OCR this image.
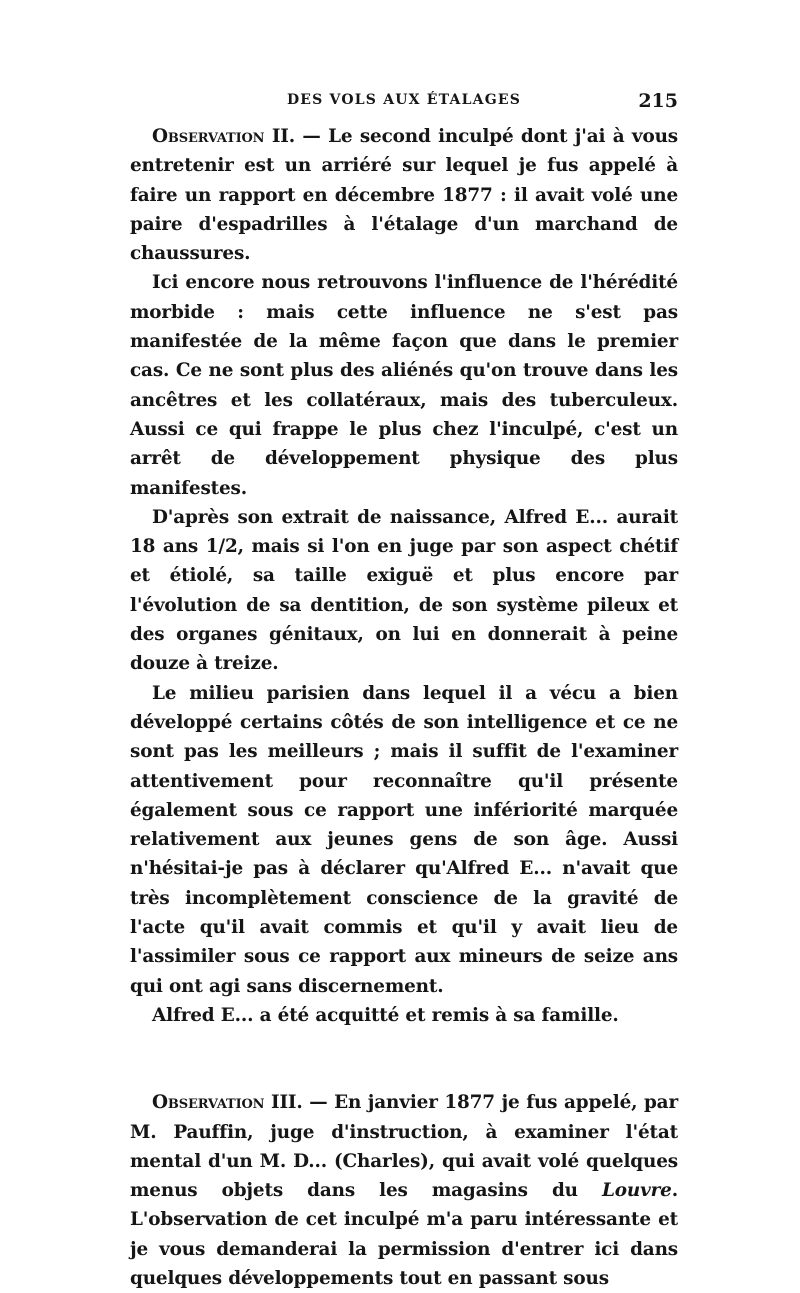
DES VOLS AUX ÉTALAGES	215

Observation II. — Le second inculpé dont j'ai à vous entretenir est un arriéré sur lequel je fus appelé à faire un rapport en décembre 1877 : il avait volé une paire d'espadrilles à l'étalage d'un marchand de chaussures.

Ici encore nous retrouvons l'influence de l'hérédité morbide : mais cette influence ne s'est pas manifestée de la même façon que dans le premier cas. Ce ne sont plus des aliénés qu'on trouve dans les ancêtres et les collatéraux, mais des tuberculeux. Aussi ce qui frappe le plus chez l'inculpé, c'est un arrêt de développement physique des plus manifestes.

D'après son extrait de naissance, Alfred E... aurait 18 ans 1/2, mais si l'on en juge par son aspect chétif et étiolé, sa taille exiguë et plus encore par l'évolution de sa dentition, de son système pileux et des organes génitaux, on lui en donnerait à peine douze à treize.

Le milieu parisien dans lequel il a vécu a bien développé certains côtés de son intelligence et ce ne sont pas les meilleurs ; mais il suffit de l'examiner attentivement pour reconnaître qu'il présente également sous ce rapport une infériorité marquée relativement aux jeunes gens de son âge. Aussi n'hésitai-je pas à déclarer qu'Alfred E... n'avait que très incomplètement conscience de la gravité de l'acte qu'il avait commis et qu'il y avait lieu de l'assimiler sous ce rapport aux mineurs de seize ans qui ont agi sans discernement.

Alfred E... a été acquitté et remis à sa famille.

Observation III. — En janvier 1877 je fus appelé, par M. Pauffin, juge d'instruction, à examiner l'état mental d'un M. D... (Charles), qui avait volé quelques menus objets dans les magasins du Louvre. L'observation de cet inculpé m'a paru intéressante et je vous demanderai la permission d'entrer ici dans quelques développements tout en passant sous
